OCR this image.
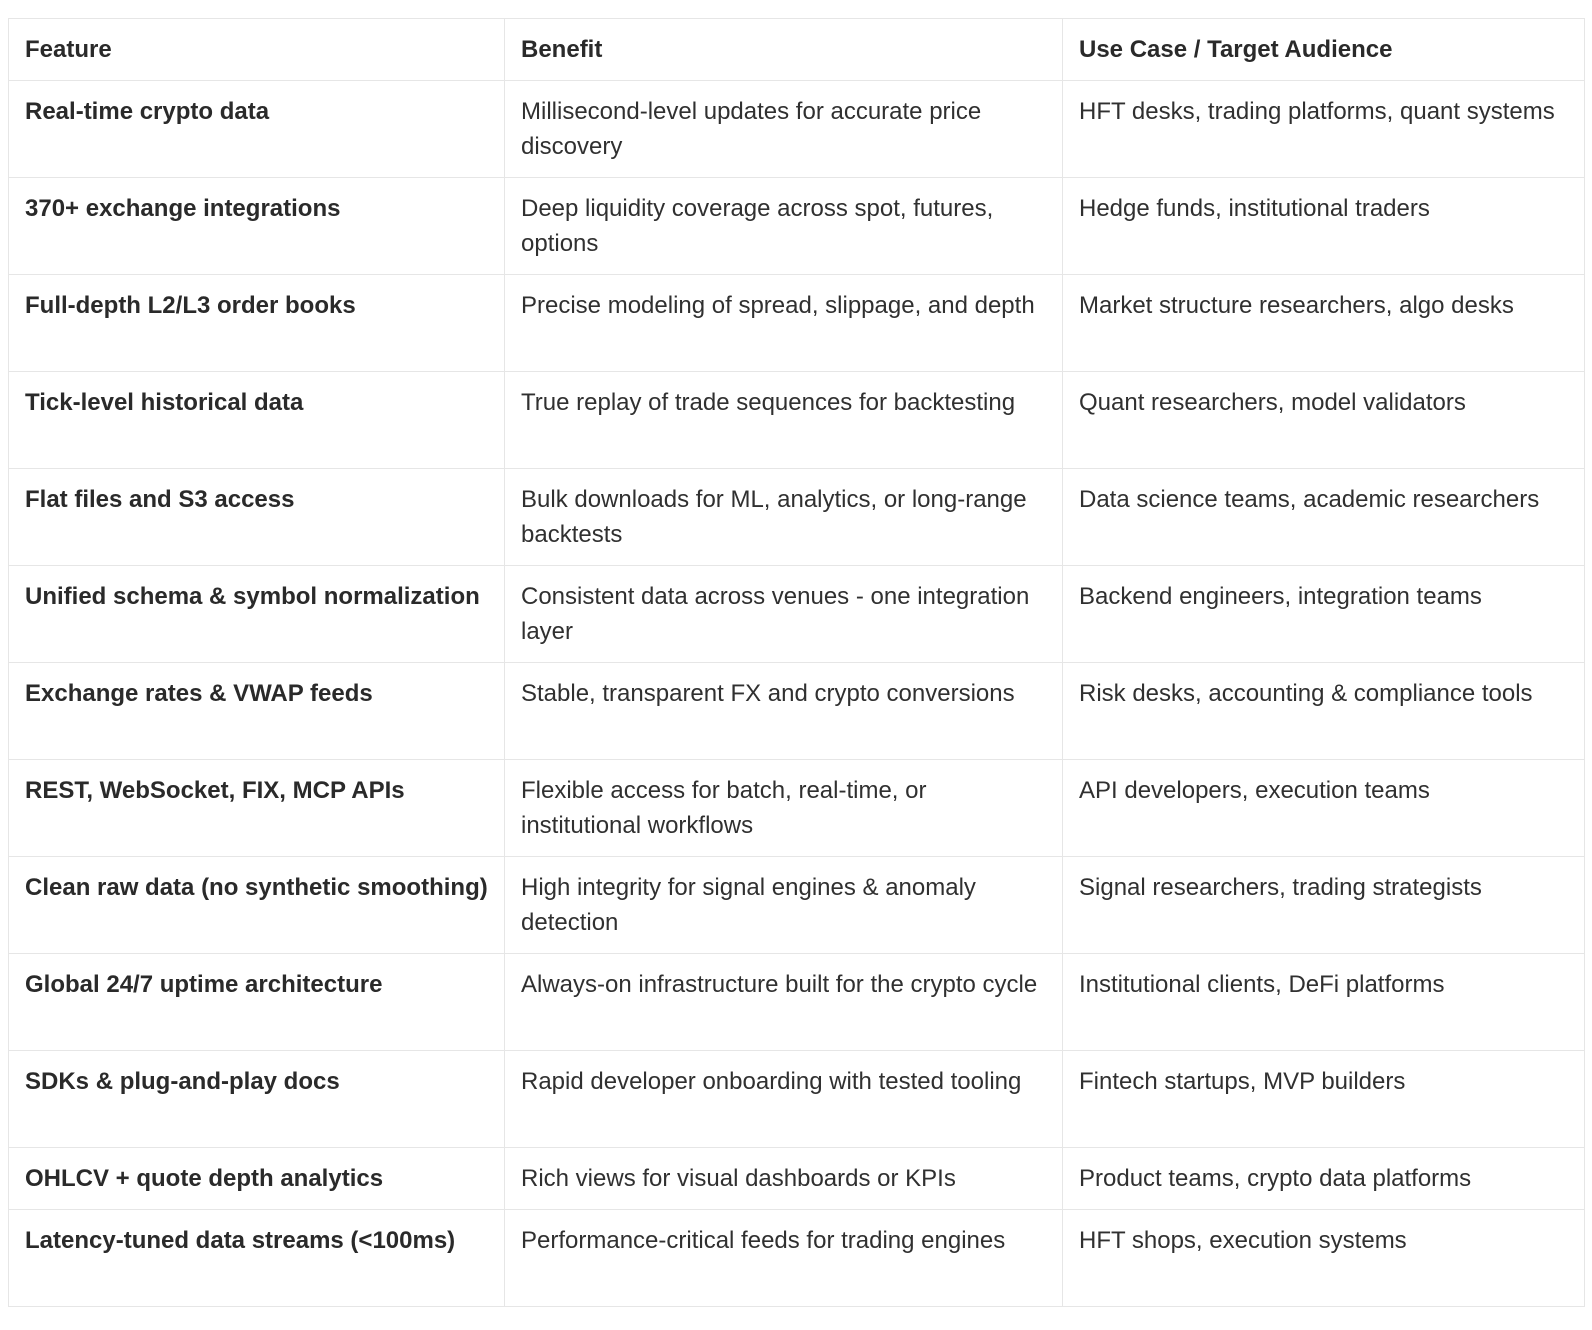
Feature	Benefit	Use Case / Target Audience
Real-time crypto data	Millisecond-level updates for accurate price discovery	HFT desks, trading platforms, quant systems
370+ exchange integrations	Deep liquidity coverage across spot, futures, options	Hedge funds, institutional traders
Full-depth L2/L3 order books	Precise modeling of spread, slippage, and depth	Market structure researchers, algo desks
Tick-level historical data	True replay of trade sequences for backtesting	Quant researchers, model validators
Flat files and S3 access	Bulk downloads for ML, analytics, or long-range backtests	Data science teams, academic researchers
Unified schema & symbol normalization	Consistent data across venues - one integration layer	Backend engineers, integration teams
Exchange rates & VWAP feeds	Stable, transparent FX and crypto conversions	Risk desks, accounting & compliance tools
REST, WebSocket, FIX, MCP APIs	Flexible access for batch, real-time, or institutional workflows	API developers, execution teams
Clean raw data (no synthetic smoothing)	High integrity for signal engines & anomaly detection	Signal researchers, trading strategists
Global 24/7 uptime architecture	Always-on infrastructure built for the crypto cycle	Institutional clients, DeFi platforms
SDKs & plug-and-play docs	Rapid developer onboarding with tested tooling	Fintech startups, MVP builders
OHLCV + quote depth analytics	Rich views for visual dashboards or KPIs	Product teams, crypto data platforms
Latency-tuned data streams (<100ms)	Performance-critical feeds for trading engines	HFT shops, execution systems
